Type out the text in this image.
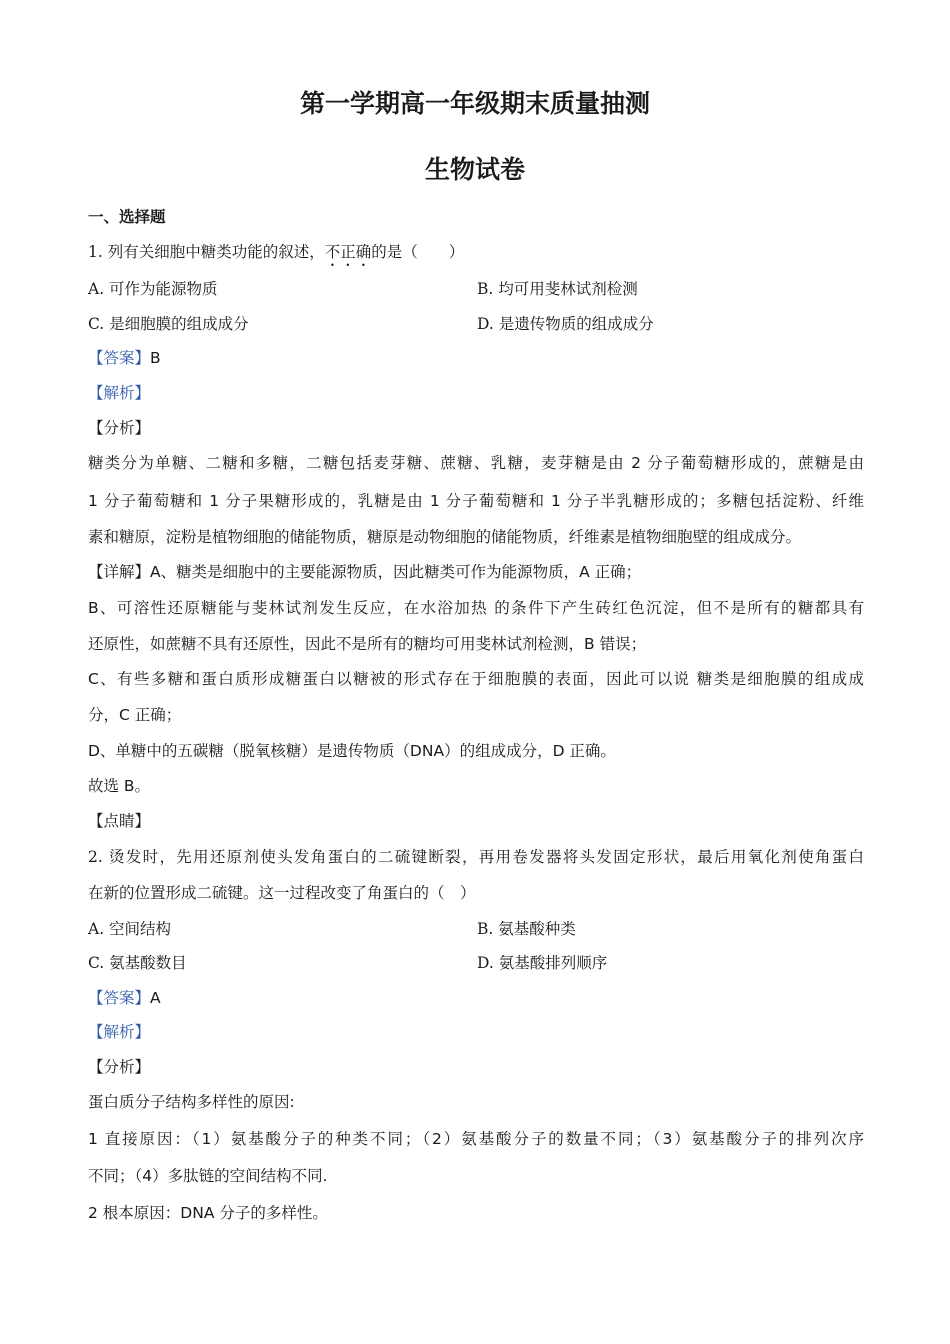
第一学期高一年级期末质量抽测
生物试卷
一、选择题
1. 列有关细胞中糖类功能的叙述，不正确的是（　　）
A. 可作为能源物质	B. 均可用斐林试剂检测
C. 是细胞膜的组成成分	D. 是遗传物质的组成成分
【答案】B
【解析】
【分析】
糖类分为单糖、二糖和多糖，二糖包括麦芽糖、蔗糖、乳糖，麦芽糖是由 2 分子葡萄糖形成的，蔗糖是由
1 分子葡萄糖和 1 分子果糖形成的，乳糖是由 1 分子葡萄糖和 1 分子半乳糖形成的；多糖包括淀粉、纤维
素和糖原，淀粉是植物细胞的储能物质，糖原是动物细胞的储能物质，纤维素是植物细胞壁的组成成分。
【详解】A、糖类是细胞中的主要能源物质，因此糖类可作为能源物质，A 正确；
B、可溶性还原糖能与斐林试剂发生反应，在水浴加热 的条件下产生砖红色沉淀，但不是所有的糖都具有
还原性，如蔗糖不具有还原性，因此不是所有的糖均可用斐林试剂检测，B 错误；
C、有些多糖和蛋白质形成糖蛋白以糖被的形式存在于细胞膜的表面，因此可以说 糖类是细胞膜的组成成
分，C 正确；
D、单糖中的五碳糖（脱氧核糖）是遗传物质（DNA）的组成成分，D 正确。
故选 B。
【点睛】
2. 烫发时，先用还原剂使头发角蛋白的二硫键断裂，再用卷发器将头发固定形状，最后用氧化剂使角蛋白
在新的位置形成二硫键。这一过程改变了角蛋白的（　）
A. 空间结构	B. 氨基酸种类
C. 氨基酸数目	D. 氨基酸排列顺序
【答案】A
【解析】
【分析】
蛋白质分子结构多样性的原因:
1 直接原因：（1）氨基酸分子的种类不同；（2）氨基酸分子的数量不同；（3）氨基酸分子的排列次序
不同；（4）多肽链的空间结构不同.
2 根本原因：DNA 分子的多样性。
